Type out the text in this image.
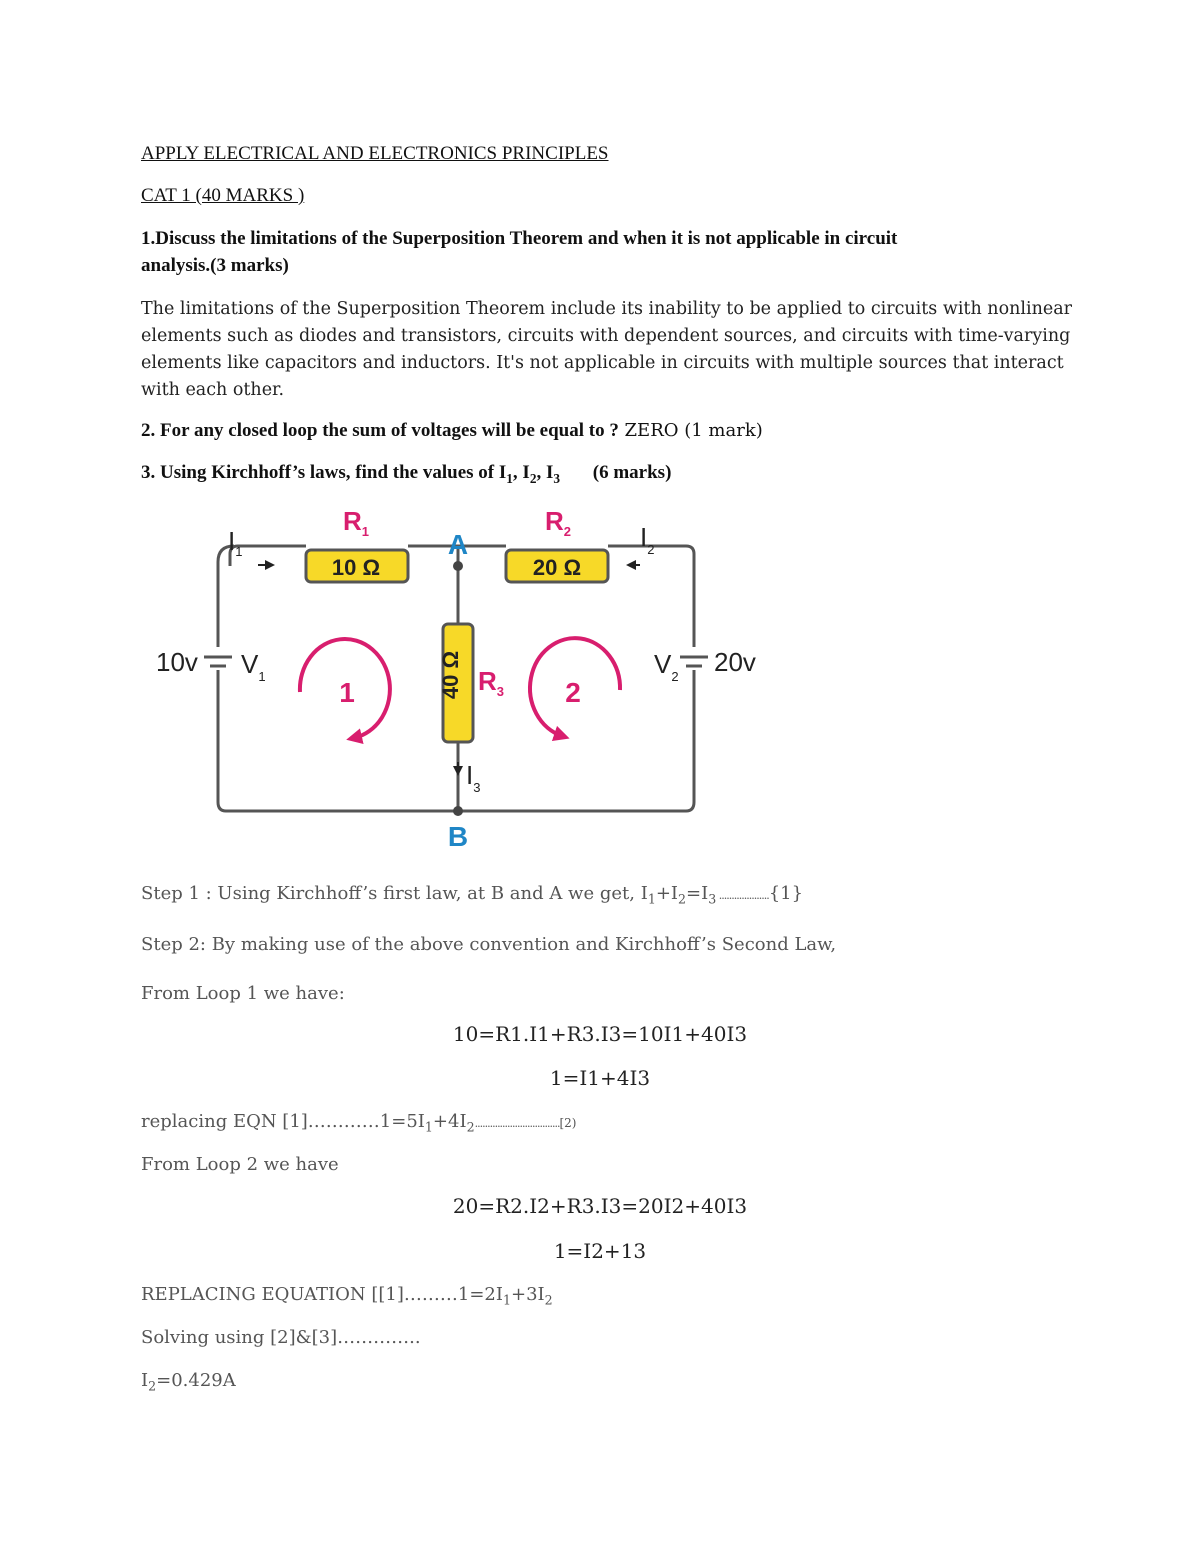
APPLY ELECTRICAL AND ELECTRONICS PRINCIPLES
CAT 1 (40 MARKS )
1.Discuss the limitations of the Superposition Theorem and when it is not applicable in circuit
analysis.(3 marks)
The limitations of the Superposition Theorem include its inability to be applied to circuits with nonlinear
elements such as diodes and transistors, circuits with dependent sources, and circuits with time-varying
elements like capacitors and inductors. It's not applicable in circuits with multiple sources that interact
with each other.
2. For any closed loop the sum of voltages will be equal to ? ZERO (1 mark)
3. Using Kirchhoff’s laws, find the values of $I_1$, $I_2$, $I_3$ (6 marks)
$R_1$
10 Ω
$R_2$
20 Ω
40 Ω $R_3$
A
B
$I_1$	$I_2$
$I_3$
10v $V_1$	20v
$V_2$
1	2
Step 1 : Using Kirchhoff’s first law, at B and A we get, $I_1+I_2=I_3$ ....................{1}
Step 2: By making use of the above convention and Kirchhoff’s Second Law,
From Loop 1 we have:
10=R1.I1+R3.I3=10I1+40I3
1=I1+4I3
replacing EQN $[1]\dots\dots\dots\dots 1=5I_1+4I_2..................................[2)$
From Loop 2 we have
20=R2.I2+R3.I3=20I2+40I3
1=I2+13
REPLACING EQUATION [$[1]\dots\dots\dots 1=2I_1+3I_2$
Solving using [2]&[3]…………..
$I_2=0.429A$
